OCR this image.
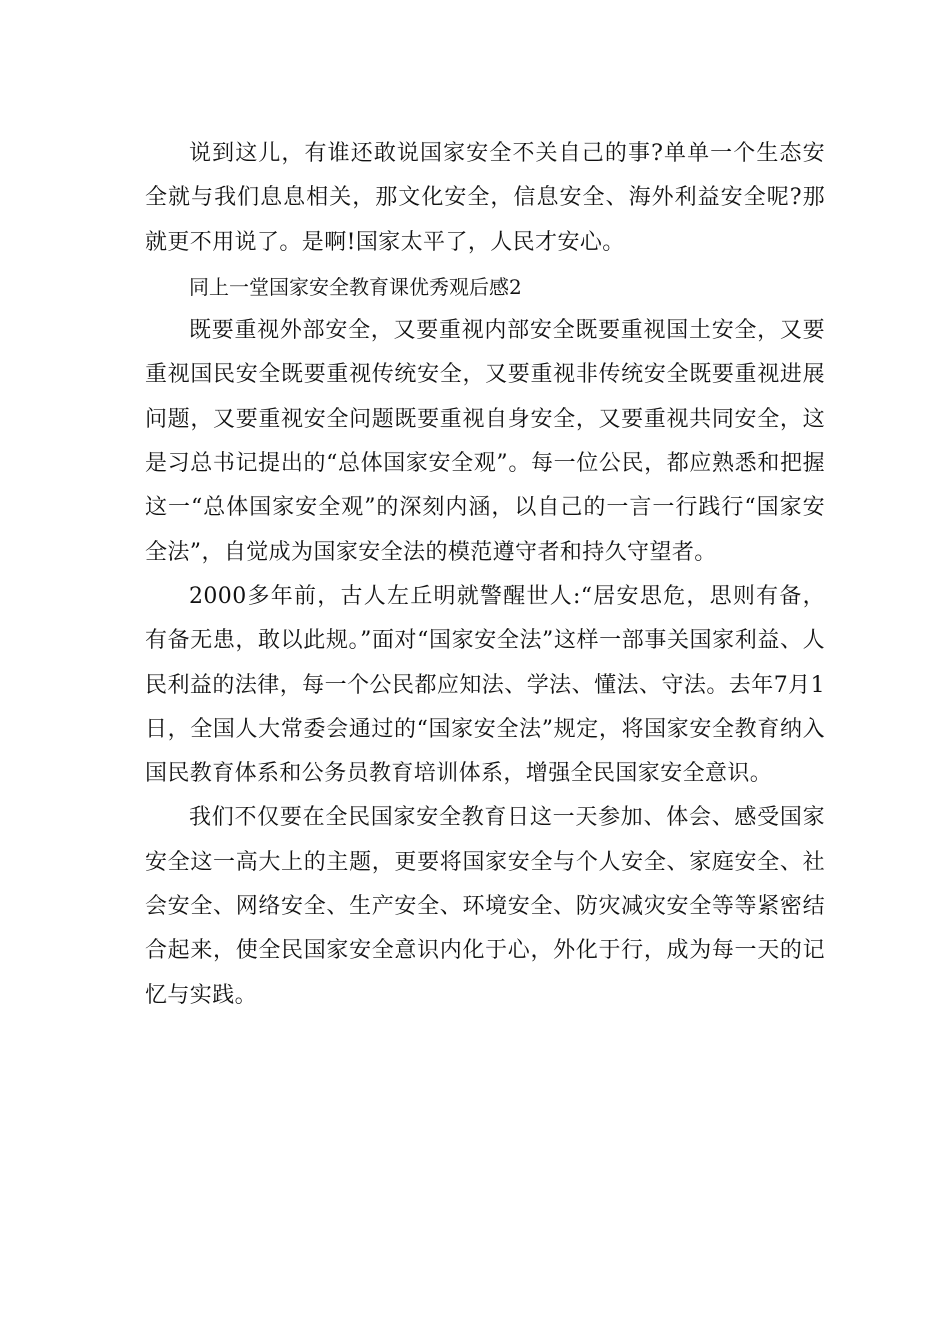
说到这儿，有谁还敢说国家安全不关自己的事?单单一个生态安全就与我们息息相关，那文化安全，信息安全、海外利益安全呢?那就更不用说了。是啊!国家太平了，人民才安心。

同上一堂国家安全教育课优秀观后感2

既要重视外部安全，又要重视内部安全既要重视国土安全，又要重视国民安全既要重视传统安全，又要重视非传统安全既要重视进展问题，又要重视安全问题既要重视自身安全，又要重视共同安全，这是习总书记提出的“总体国家安全观”。每一位公民，都应熟悉和把握这一“总体国家安全观”的深刻内涵，以自己的一言一行践行“国家安全法”，自觉成为国家安全法的模范遵守者和持久守望者。

2000多年前，古人左丘明就警醒世人:“居安思危，思则有备，有备无患，敢以此规。”面对“国家安全法”这样一部事关国家利益、人民利益的法律，每一个公民都应知法、学法、懂法、守法。去年7月1日，全国人大常委会通过的“国家安全法”规定，将国家安全教育纳入国民教育体系和公务员教育培训体系，增强全民国家安全意识。

我们不仅要在全民国家安全教育日这一天参加、体会、感受国家安全这一高大上的主题，更要将国家安全与个人安全、家庭安全、社会安全、网络安全、生产安全、环境安全、防灾减灾安全等等紧密结合起来，使全民国家安全意识内化于心，外化于行，成为每一天的记忆与实践。
